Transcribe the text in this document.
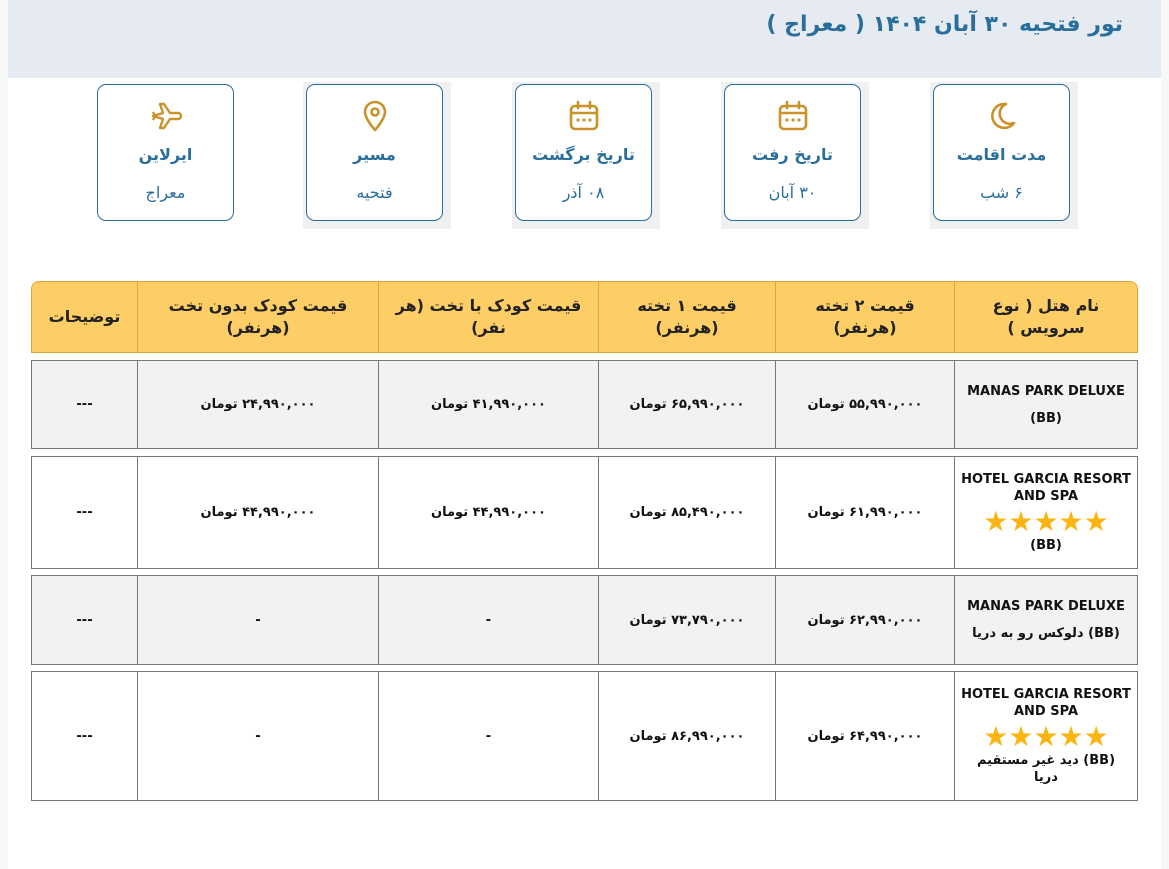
تور فتحیه ۳۰ آبان ۱۴۰۴ ( معراج )
مدت اقامت
۶ شب
تاریخ رفت
۳۰ آبان
تاریخ برگشت
۰۸ آذر
مسیر
فتحیه
ایرلاین
معراج
نام هتل ( نوع سرویس )
قیمت ۲ تخته (هرنفر)
قیمت ۱ تخته (هرنفر)
قیمت کودک با تخت (هر نفر)
قیمت کودک بدون تخت (هرنفر)
توضیحات
MANAS PARK DELUXE
(BB)
۵۵,۹۹۰,۰۰۰ تومان
۶۵,۹۹۰,۰۰۰ تومان
۴۱,۹۹۰,۰۰۰ تومان
۲۴,۹۹۰,۰۰۰ تومان
---
HOTEL GARCIA RESORT AND SPA
★★★★★
(BB)
۶۱,۹۹۰,۰۰۰ تومان
۸۵,۴۹۰,۰۰۰ تومان
۴۴,۹۹۰,۰۰۰ تومان
۴۴,۹۹۰,۰۰۰ تومان
---
MANAS PARK DELUXE
(BB) دلوکس رو به دریا
۶۲,۹۹۰,۰۰۰ تومان
۷۳,۷۹۰,۰۰۰ تومان
-
-
---
HOTEL GARCIA RESORT AND SPA
★★★★★
(BB) دید غیر مستقیم دریا
۶۴,۹۹۰,۰۰۰ تومان
۸۶,۹۹۰,۰۰۰ تومان
-
-
---
